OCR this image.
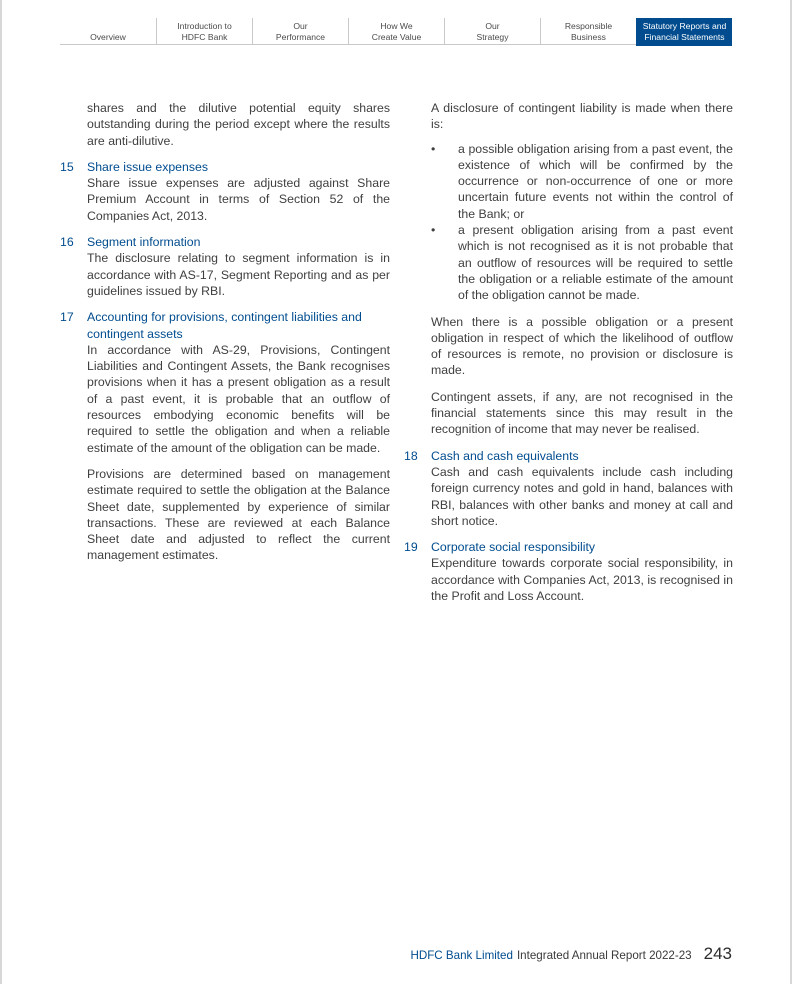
Overview
Introduction to
HDFC Bank
Our
Performance
How We
Create Value
Our
Strategy
Responsible
Business
Statutory Reports and
Financial Statements

shares and the dilutive potential equity shares outstanding during the period except where the results are anti-dilutive.

15	Share issue expenses

Share issue expenses are adjusted against Share Premium Account in terms of Section 52 of the Companies Act, 2013.

16	Segment information

The disclosure relating to segment information is in accordance with AS-17, Segment Reporting and as per guidelines issued by RBI.

17	Accounting for provisions, contingent liabilities and contingent assets

In accordance with AS-29, Provisions, Contingent Liabilities and Contingent Assets, the Bank recognises provisions when it has a present obligation as a result of a past event, it is probable that an outflow of resources embodying economic benefits will be required to settle the obligation and when a reliable estimate of the amount of the obligation can be made.

Provisions are determined based on management estimate required to settle the obligation at the Balance Sheet date, supplemented by experience of similar transactions. These are reviewed at each Balance Sheet date and adjusted to reflect the current management estimates.

A disclosure of contingent liability is made when there is:

•	a possible obligation arising from a past event, the existence of which will be confirmed by the occurrence or non-occurrence of one or more uncertain future events not within the control of the Bank; or
•	a present obligation arising from a past event which is not recognised as it is not probable that an outflow of resources will be required to settle the obligation or a reliable estimate of the amount of the obligation cannot be made.

When there is a possible obligation or a present obligation in respect of which the likelihood of outflow of resources is remote, no provision or disclosure is made.

Contingent assets, if any, are not recognised in the financial statements since this may result in the recognition of income that may never be realised.

18	Cash and cash equivalents

Cash and cash equivalents include cash including foreign currency notes and gold in hand, balances with RBI, balances with other banks and money at call and short notice.

19	Corporate social responsibility

Expenditure towards corporate social responsibility, in accordance with Companies Act, 2013, is recognised in the Profit and Loss Account.

HDFC Bank Limited Integrated Annual Report 2022-23 243
